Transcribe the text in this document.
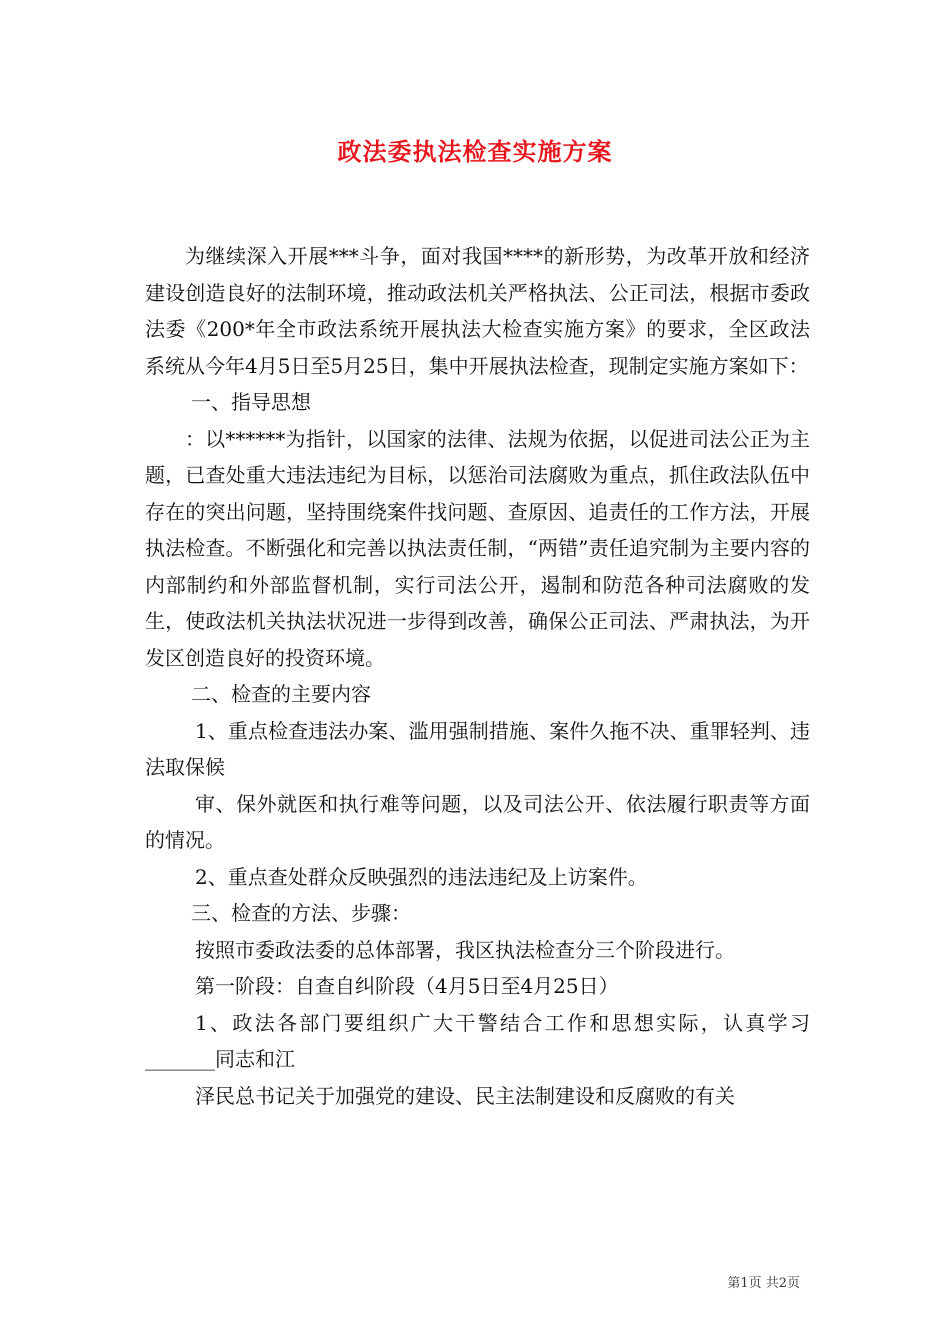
政法委执法检查实施方案

为继续深入开展***斗争，面对我国****的新形势，为改革开放和经济建设创造良好的法制环境，推动政法机关严格执法、公正司法，根据市委政法委《200*年全市政法系统开展执法大检查实施方案》的要求，全区政法系统从今年4月5日至5月25日，集中开展执法检查，现制定实施方案如下：

一、指导思想

：以******为指针，以国家的法律、法规为依据，以促进司法公正为主题，已查处重大违法违纪为目标，以惩治司法腐败为重点，抓住政法队伍中存在的突出问题，坚持围绕案件找问题、查原因、追责任的工作方法，开展执法检查。不断强化和完善以执法责任制，“两错”责任追究制为主要内容的内部制约和外部监督机制，实行司法公开，遏制和防范各种司法腐败的发生，使政法机关执法状况进一步得到改善，确保公正司法、严肃执法，为开发区创造良好的投资环境。

二、检查的主要内容

1、重点检查违法办案、滥用强制措施、案件久拖不决、重罪轻判、违法取保候

审、保外就医和执行难等问题，以及司法公开、依法履行职责等方面的情况。

2、重点查处群众反映强烈的违法违纪及上访案件。

三、检查的方法、步骤：

按照市委政法委的总体部署，我区执法检查分三个阶段进行。

第一阶段：自查自纠阶段（4月5日至4月25日）

1、政法各部门要组织广大干警结合工作和思想实际，认真学习_______同志和江

泽民总书记关于加强党的建设、民主法制建设和反腐败的有关

第1页 共2页
